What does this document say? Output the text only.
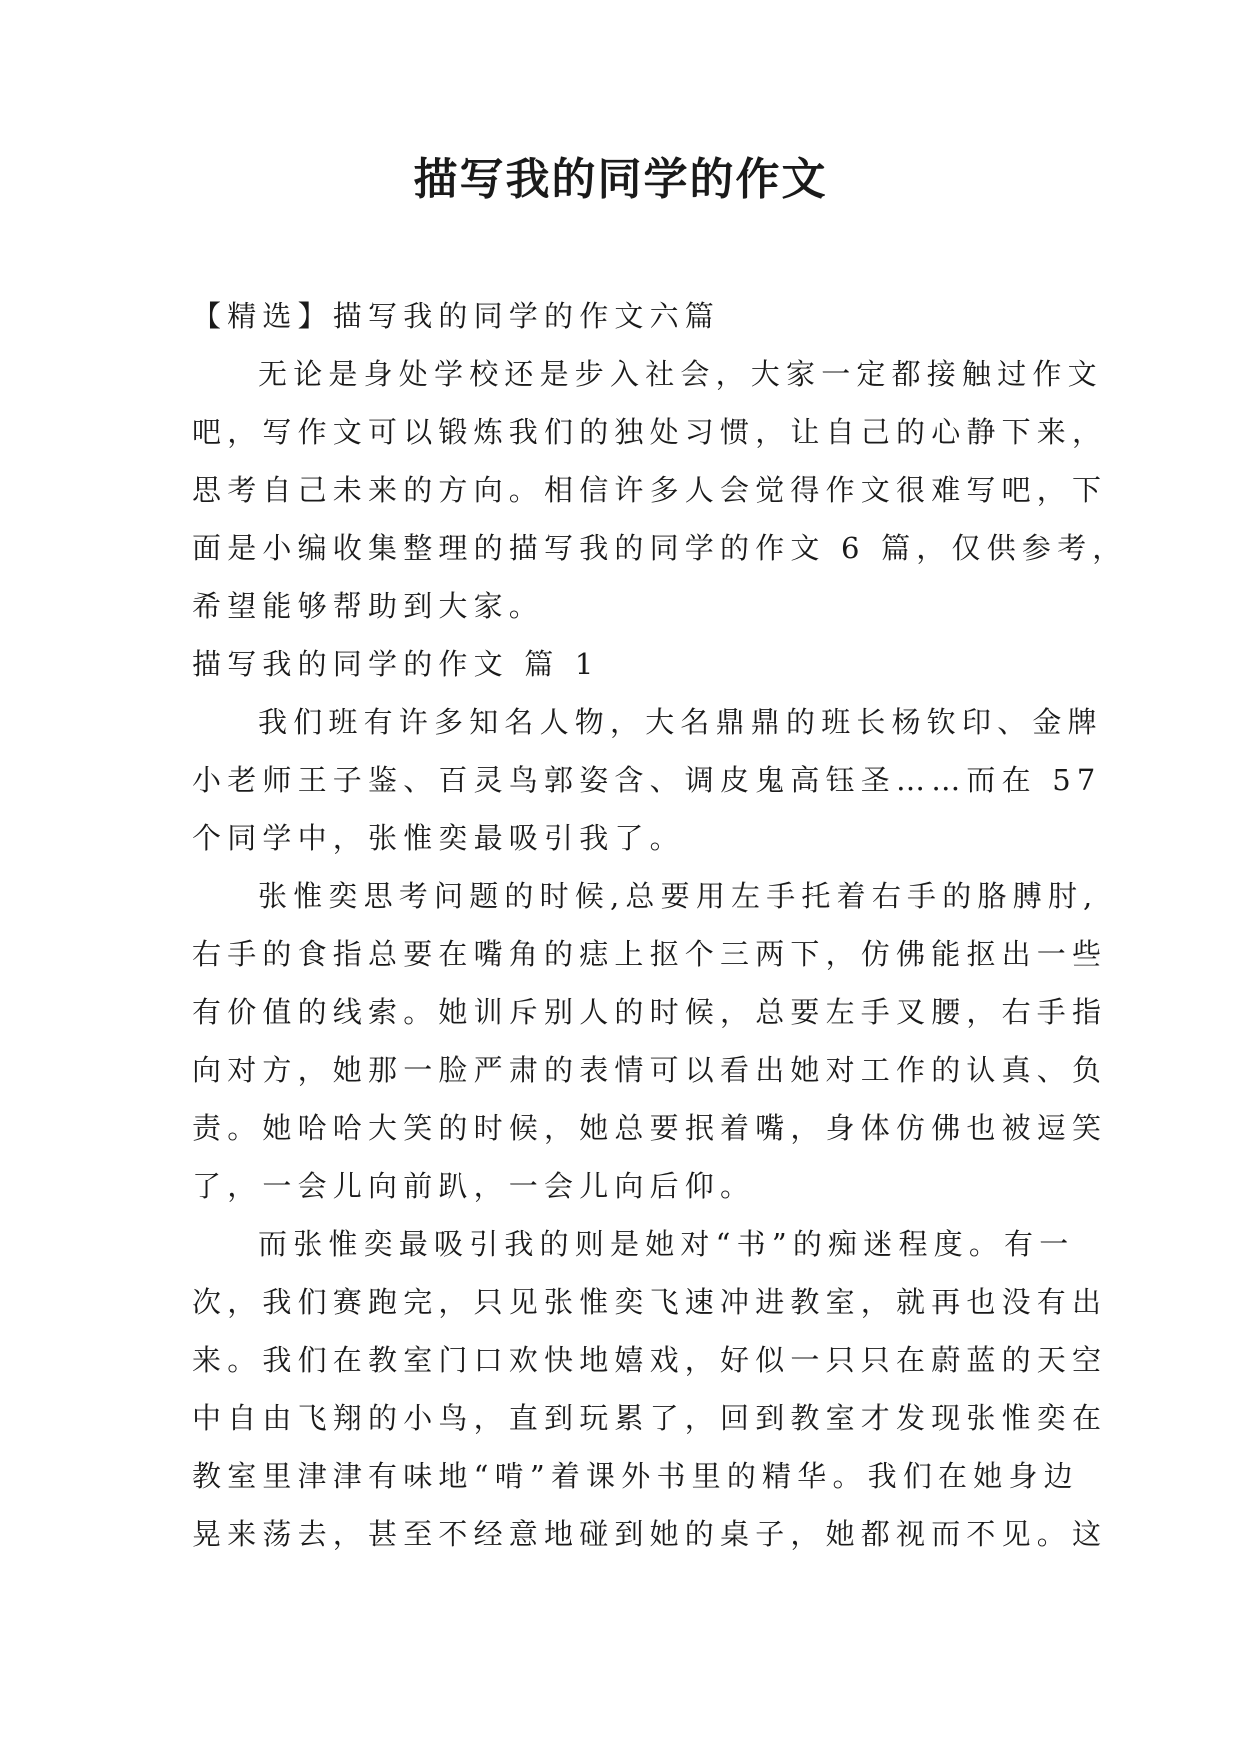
描写我的同学的作文

【精选】描写我的同学的作文六篇

无论是身处学校还是步入社会，大家一定都接触过作文

吧，写作文可以锻炼我们的独处习惯，让自己的心静下来，

思考自己未来的方向。相信许多人会觉得作文很难写吧，下

面是小编收集整理的描写我的同学的作文 6 篇，仅供参考，

希望能够帮助到大家。

描写我的同学的作文 篇 1

我们班有许多知名人物，大名鼎鼎的班长杨钦印、金牌

小老师王子鉴、百灵鸟郭姿含、调皮鬼高钰圣……而在 57

个同学中，张惟奕最吸引我了。

张惟奕思考问题的时候,总要用左手托着右手的胳膊肘,

右手的食指总要在嘴角的痣上抠个三两下，仿佛能抠出一些

有价值的线索。她训斥别人的时候，总要左手叉腰，右手指

向对方，她那一脸严肃的表情可以看出她对工作的认真、负

责。她哈哈大笑的时候，她总要抿着嘴，身体仿佛也被逗笑

了，一会儿向前趴，一会儿向后仰。

而张惟奕最吸引我的则是她对“书”的痴迷程度。有一

次，我们赛跑完，只见张惟奕飞速冲进教室，就再也没有出

来。我们在教室门口欢快地嬉戏，好似一只只在蔚蓝的天空

中自由飞翔的小鸟，直到玩累了，回到教室才发现张惟奕在

教室里津津有味地“啃”着课外书里的精华。我们在她身边

晃来荡去，甚至不经意地碰到她的桌子，她都视而不见。这
